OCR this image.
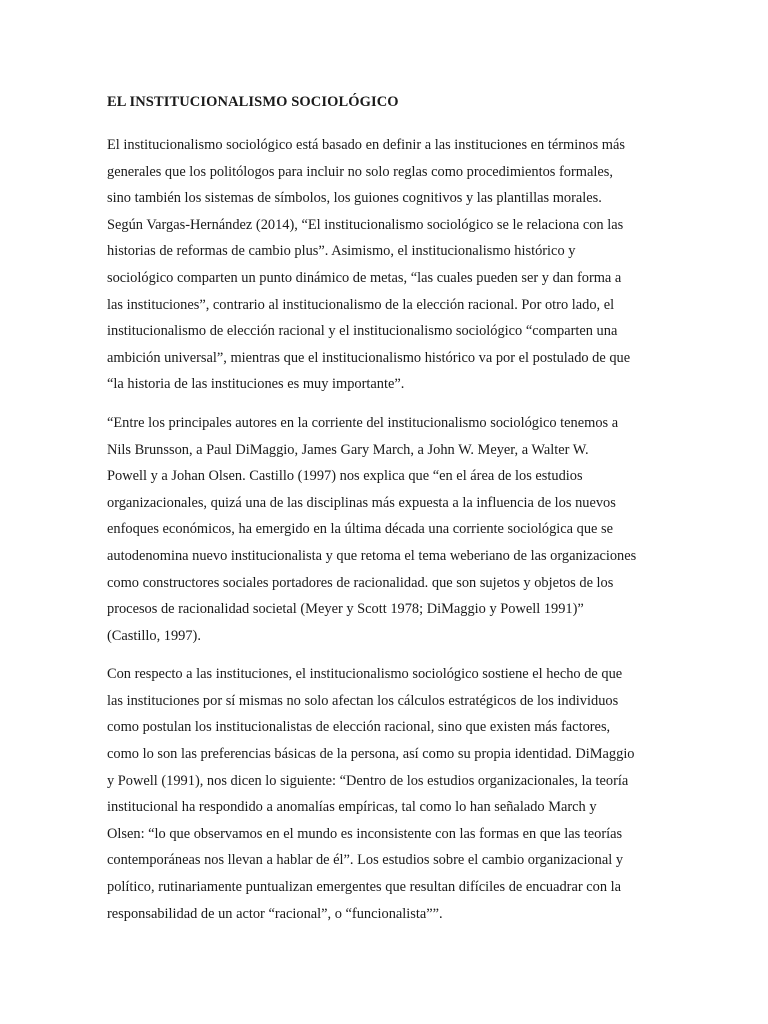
EL INSTITUCIONALISMO SOCIOLÓGICO
El institucionalismo sociológico está basado en definir a las instituciones en términos más
generales que los politólogos para incluir no solo reglas como procedimientos formales,
sino también los sistemas de símbolos, los guiones cognitivos y las plantillas morales.
Según Vargas-Hernández (2014), “El institucionalismo sociológico se le relaciona con las
historias de reformas de cambio plus”. Asimismo, el institucionalismo histórico y
sociológico comparten un punto dinámico de metas, “las cuales pueden ser y dan forma a
las instituciones”, contrario al institucionalismo de la elección racional. Por otro lado, el
institucionalismo de elección racional y el institucionalismo sociológico “comparten una
ambición universal”, mientras que el institucionalismo histórico va por el postulado de que
“la historia de las instituciones es muy importante”.
“Entre los principales autores en la corriente del institucionalismo sociológico tenemos a
Nils Brunsson, a Paul DiMaggio, James Gary March, a John W. Meyer, a Walter W.
Powell y a Johan Olsen. Castillo (1997) nos explica que “en el área de los estudios
organizacionales, quizá una de las disciplinas más expuesta a la influencia de los nuevos
enfoques económicos, ha emergido en la última década una corriente sociológica que se
autodenomina nuevo institucionalista y que retoma el tema weberiano de las organizaciones
como constructores sociales portadores de racionalidad. que son sujetos y objetos de los
procesos de racionalidad societal (Meyer y Scott 1978; DiMaggio y Powell 1991)”
(Castillo, 1997).
Con respecto a las instituciones, el institucionalismo sociológico sostiene el hecho de que
las instituciones por sí mismas no solo afectan los cálculos estratégicos de los individuos
como postulan los institucionalistas de elección racional, sino que existen más factores,
como lo son las preferencias básicas de la persona, así como su propia identidad. DiMaggio
y Powell (1991), nos dicen lo siguiente: “Dentro de los estudios organizacionales, la teoría
institucional ha respondido a anomalías empíricas, tal como lo han señalado March y
Olsen: “lo que observamos en el mundo es inconsistente con las formas en que las teorías
contemporáneas nos llevan a hablar de él”. Los estudios sobre el cambio organizacional y
político, rutinariamente puntualizan emergentes que resultan difíciles de encuadrar con la
responsabilidad de un actor “racional”, o “funcionalista””.
